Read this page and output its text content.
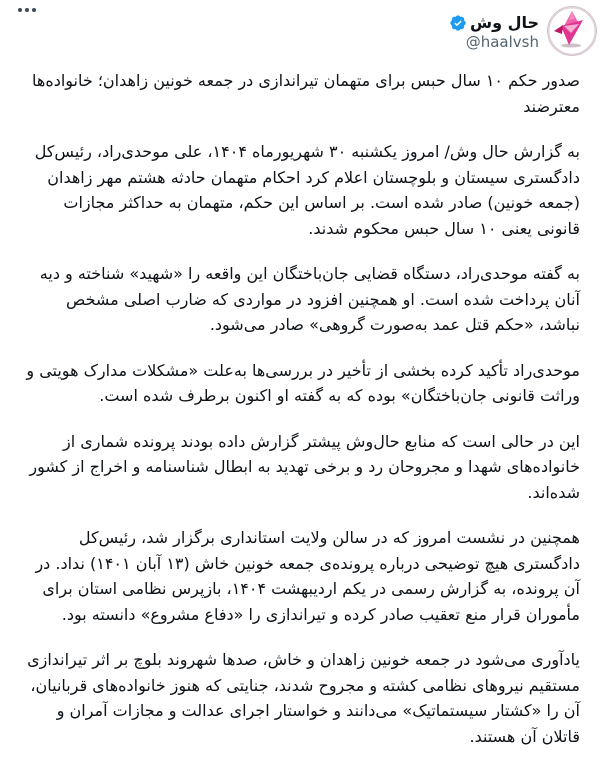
حال وش
@haalvsh

صدور حکم ۱۰ سال حبس برای متهمان تیراندازی در جمعه خونین زاهدان؛ خانواده‌ها معترضند

به گزارش حال وش/ امروز یکشنبه ۳۰ شهریورماه ۱۴۰۴، علی موحدی‌راد، رئیس‌کل دادگستری سیستان و بلوچستان اعلام کرد احکام متهمان حادثه هشتم مهر زاهدان (جمعه خونین) صادر شده است. بر اساس این حکم، متهمان به حداکثر مجازات قانونی یعنی ۱۰ سال حبس محکوم شدند.

به گفته موحدی‌راد، دستگاه قضایی جان‌باختگان این واقعه را «شهید» شناخته و دیه آنان پرداخت شده است. او همچنین افزود در مواردی که ضارب اصلی مشخص نباشد، «حکم قتل عمد به‌صورت گروهی» صادر می‌شود.

موحدی‌راد تأکید کرده بخشی از تأخیر در بررسی‌ها به‌علت «مشکلات مدارک هویتی و وراثت قانونی جان‌باختگان» بوده که به گفته او اکنون برطرف شده است.

این در حالی است که منابع حال‌وش پیشتر گزارش داده بودند پرونده شماری از خانواده‌های شهدا و مجروحان رد و برخی تهدید به ابطال شناسنامه و اخراج از کشور شده‌اند.

همچنین در نشست امروز که در سالن ولایت استانداری برگزار شد، رئیس‌کل دادگستری هیچ توضیحی درباره پرونده‌ی جمعه خونین خاش (۱۳ آبان ۱۴۰۱) نداد. در آن پرونده، به گزارش رسمی در یکم اردیبهشت ۱۴۰۴، بازپرس نظامی استان برای مأموران قرار منع تعقیب صادر کرده و تیراندازی را «دفاع مشروع» دانسته بود.

یادآوری می‌شود در جمعه خونین زاهدان و خاش، صدها شهروند بلوچ بر اثر تیراندازی مستقیم نیروهای نظامی کشته و مجروح شدند، جنایتی که هنوز خانواده‌های قربانیان، آن را «کشتار سیستماتیک» می‌دانند و خواستار اجرای عدالت و مجازات آمران و قاتلان آن هستند.
